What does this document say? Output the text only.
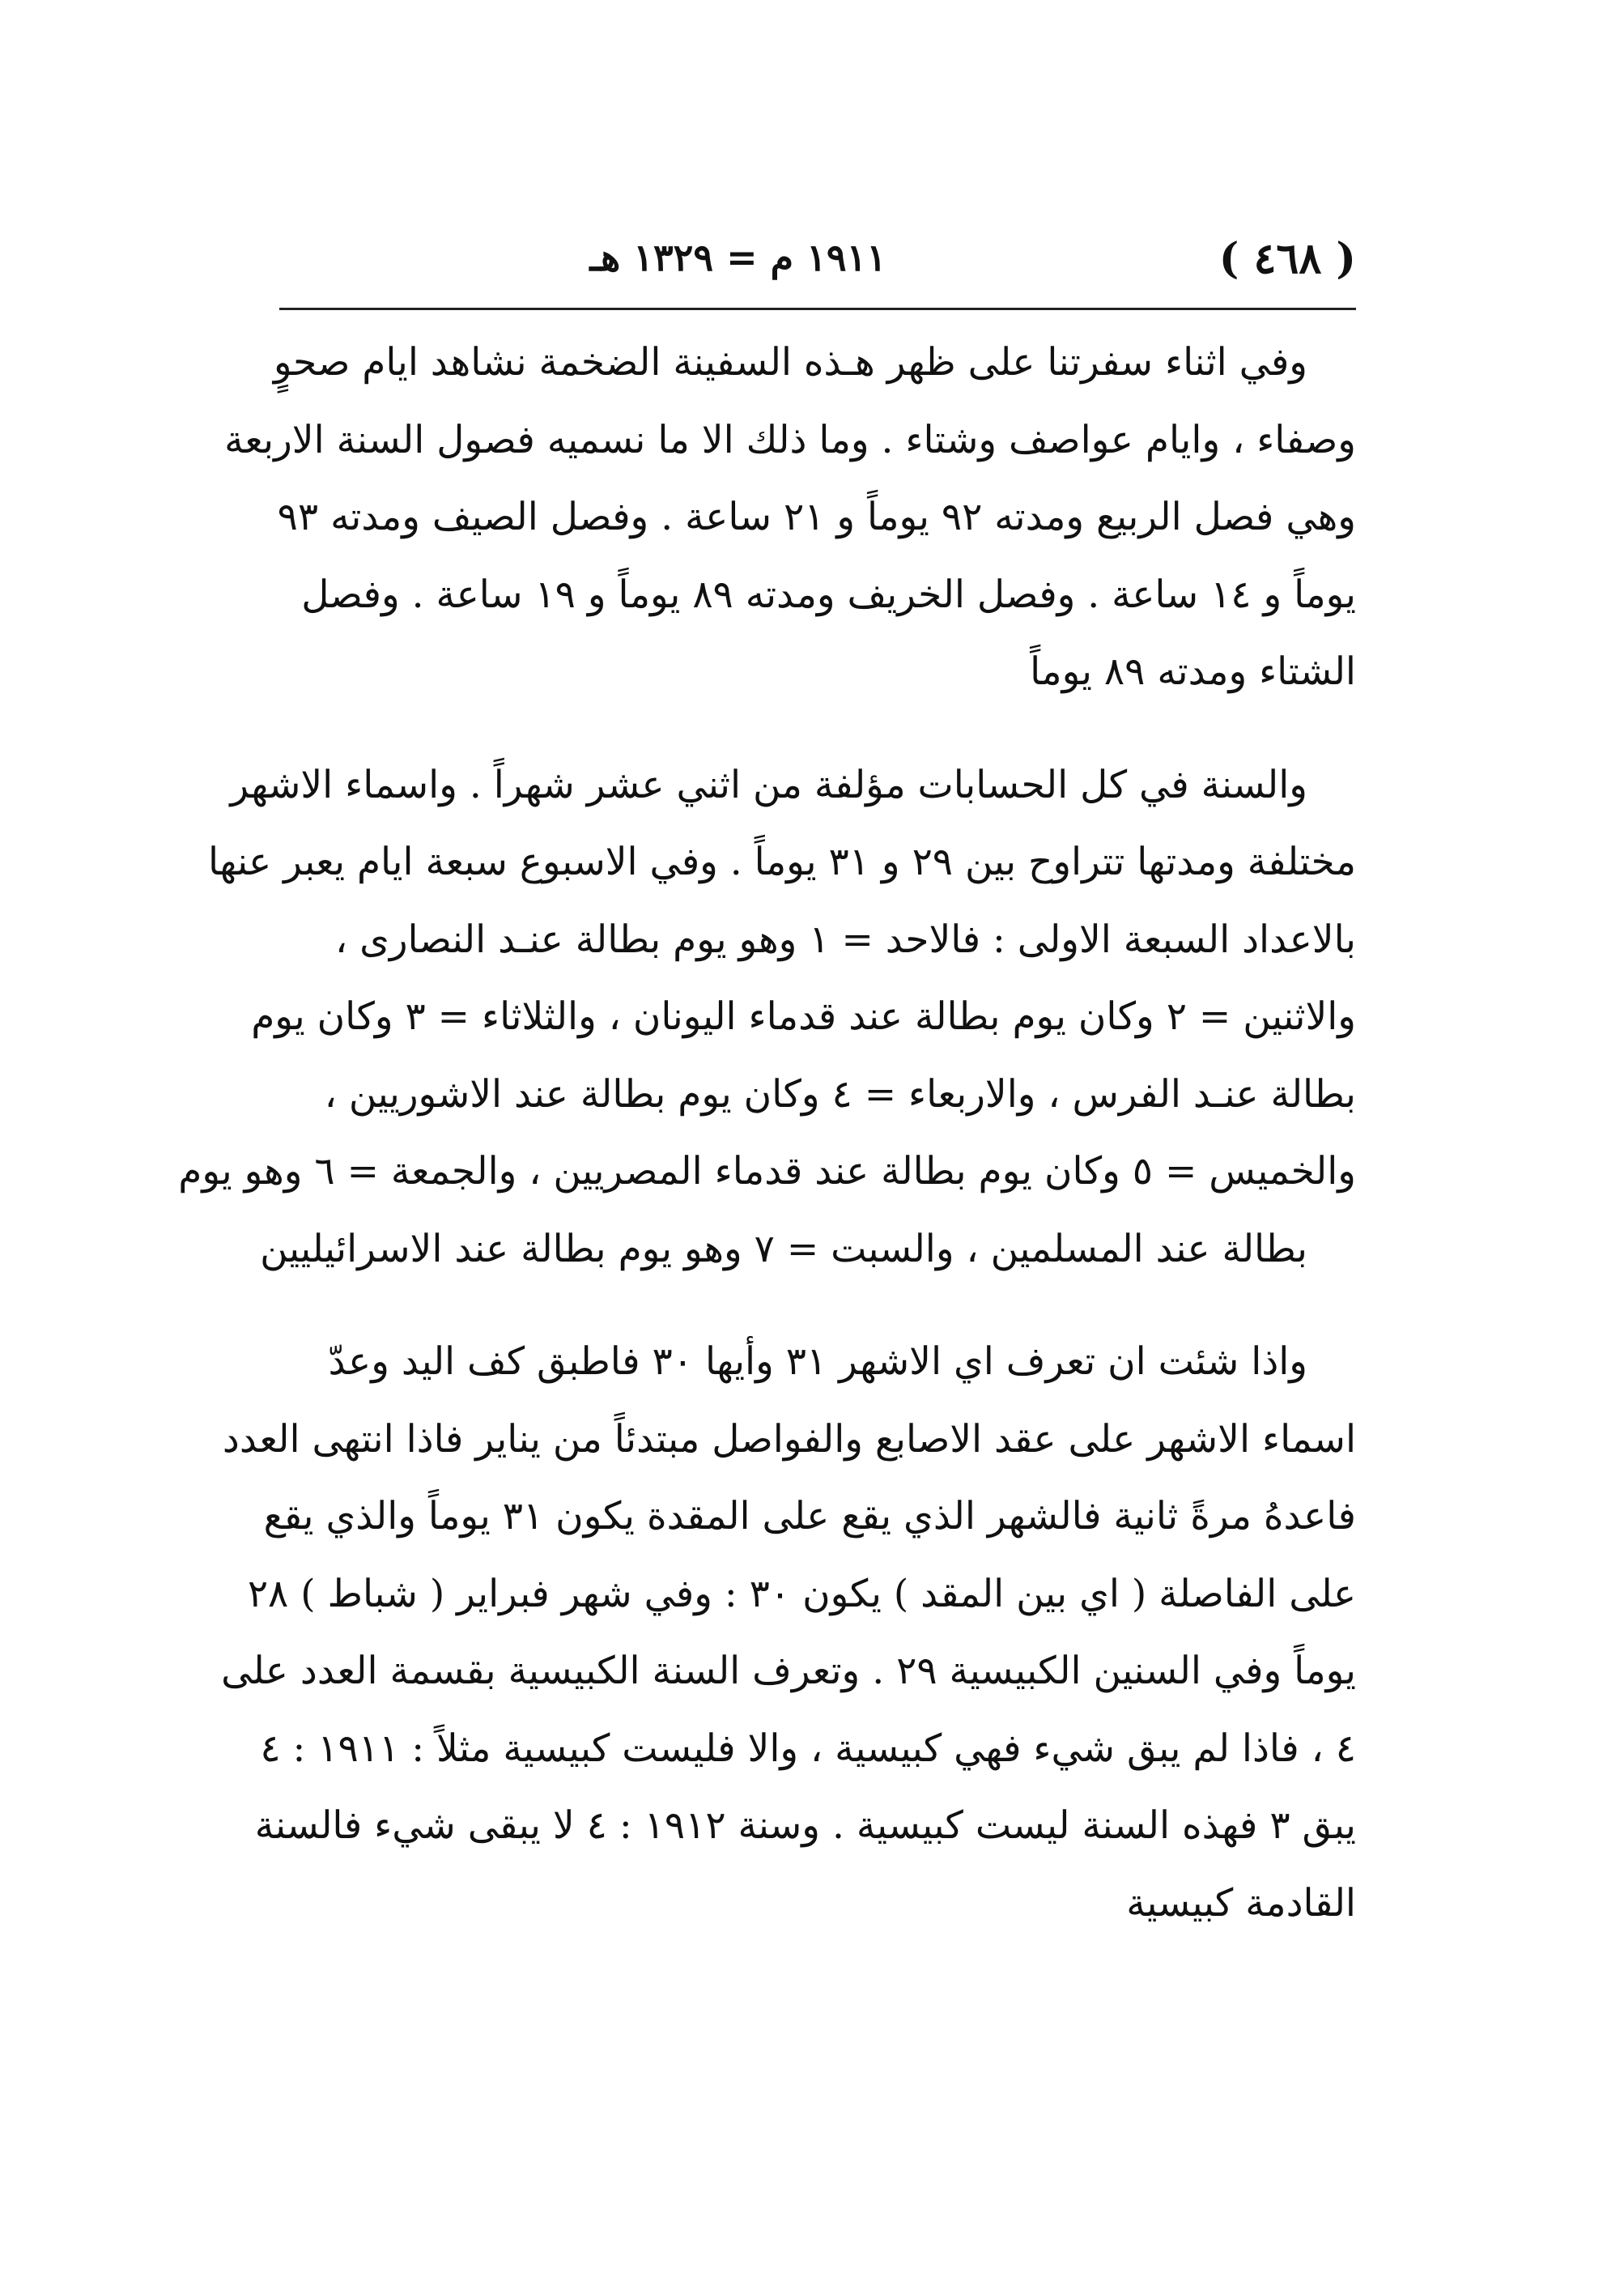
( ٤٦٨ )
١٩١١ م = ١٣٢٩ هـ

وفي اثناء سفرتنا على ظهر هـذه السفينة الضخمة نشاهد ايام صحوٍ
وصفاء ، وايام عواصف وشتاء . وما ذلك الا ما نسميه فصول السنة الاربعة
وهي فصل الربيع ومدته ٩٢ يوماً و ٢١ ساعة . وفصل الصيف ومدته ٩٣
يوماً و ١٤ ساعة . وفصل الخريف ومدته ٨٩ يوماً و ١٩ ساعة . وفصل
الشتاء ومدته ٨٩ يوماً

والسنة في كل الحسابات مؤلفة من اثني عشر شهراً . واسماء الاشهر
مختلفة ومدتها تتراوح بين ٢٩ و ٣١ يوماً . وفي الاسبوع سبعة ايام يعبر عنها
بالاعداد السبعة الاولى : فالاحد = ١ وهو يوم بطالة عنـد النصارى ،
والاثنين = ٢ وكان يوم بطالة عند قدماء اليونان ، والثلاثاء = ٣ وكان يوم
بطالة عنـد الفرس ، والاربعاء = ٤ وكان يوم بطالة عند الاشوريين ،
والخميس = ٥ وكان يوم بطالة عند قدماء المصريين ، والجمعة = ٦ وهو يوم
بطالة عند المسلمين ، والسبت = ٧ وهو يوم بطالة عند الاسرائيليين

واذا شئت ان تعرف اي الاشهر ٣١ وأيها ٣٠ فاطبق كف اليد وعدّ
اسماء الاشهر على عقد الاصابع والفواصل مبتدئاً من يناير فاذا انتهى العدد
فاعدهُ مرةً ثانية فالشهر الذي يقع على المقدة يكون ٣١ يوماً والذي يقع
على الفاصلة ( اي بين المقد ) يكون ٣٠ : وفي شهر فبراير ( شباط ) ٢٨
يوماً وفي السنين الكبيسية ٢٩ . وتعرف السنة الكبيسية بقسمة العدد على
٤ ، فاذا لم يبق شيء فهي كبيسية ، والا فليست كبيسية مثلاً : ١٩١١ : ٤
يبق ٣ فهذه السنة ليست كبيسية . وسنة ١٩١٢ : ٤ لا يبقى شيء فالسنة
القادمة كبيسية
